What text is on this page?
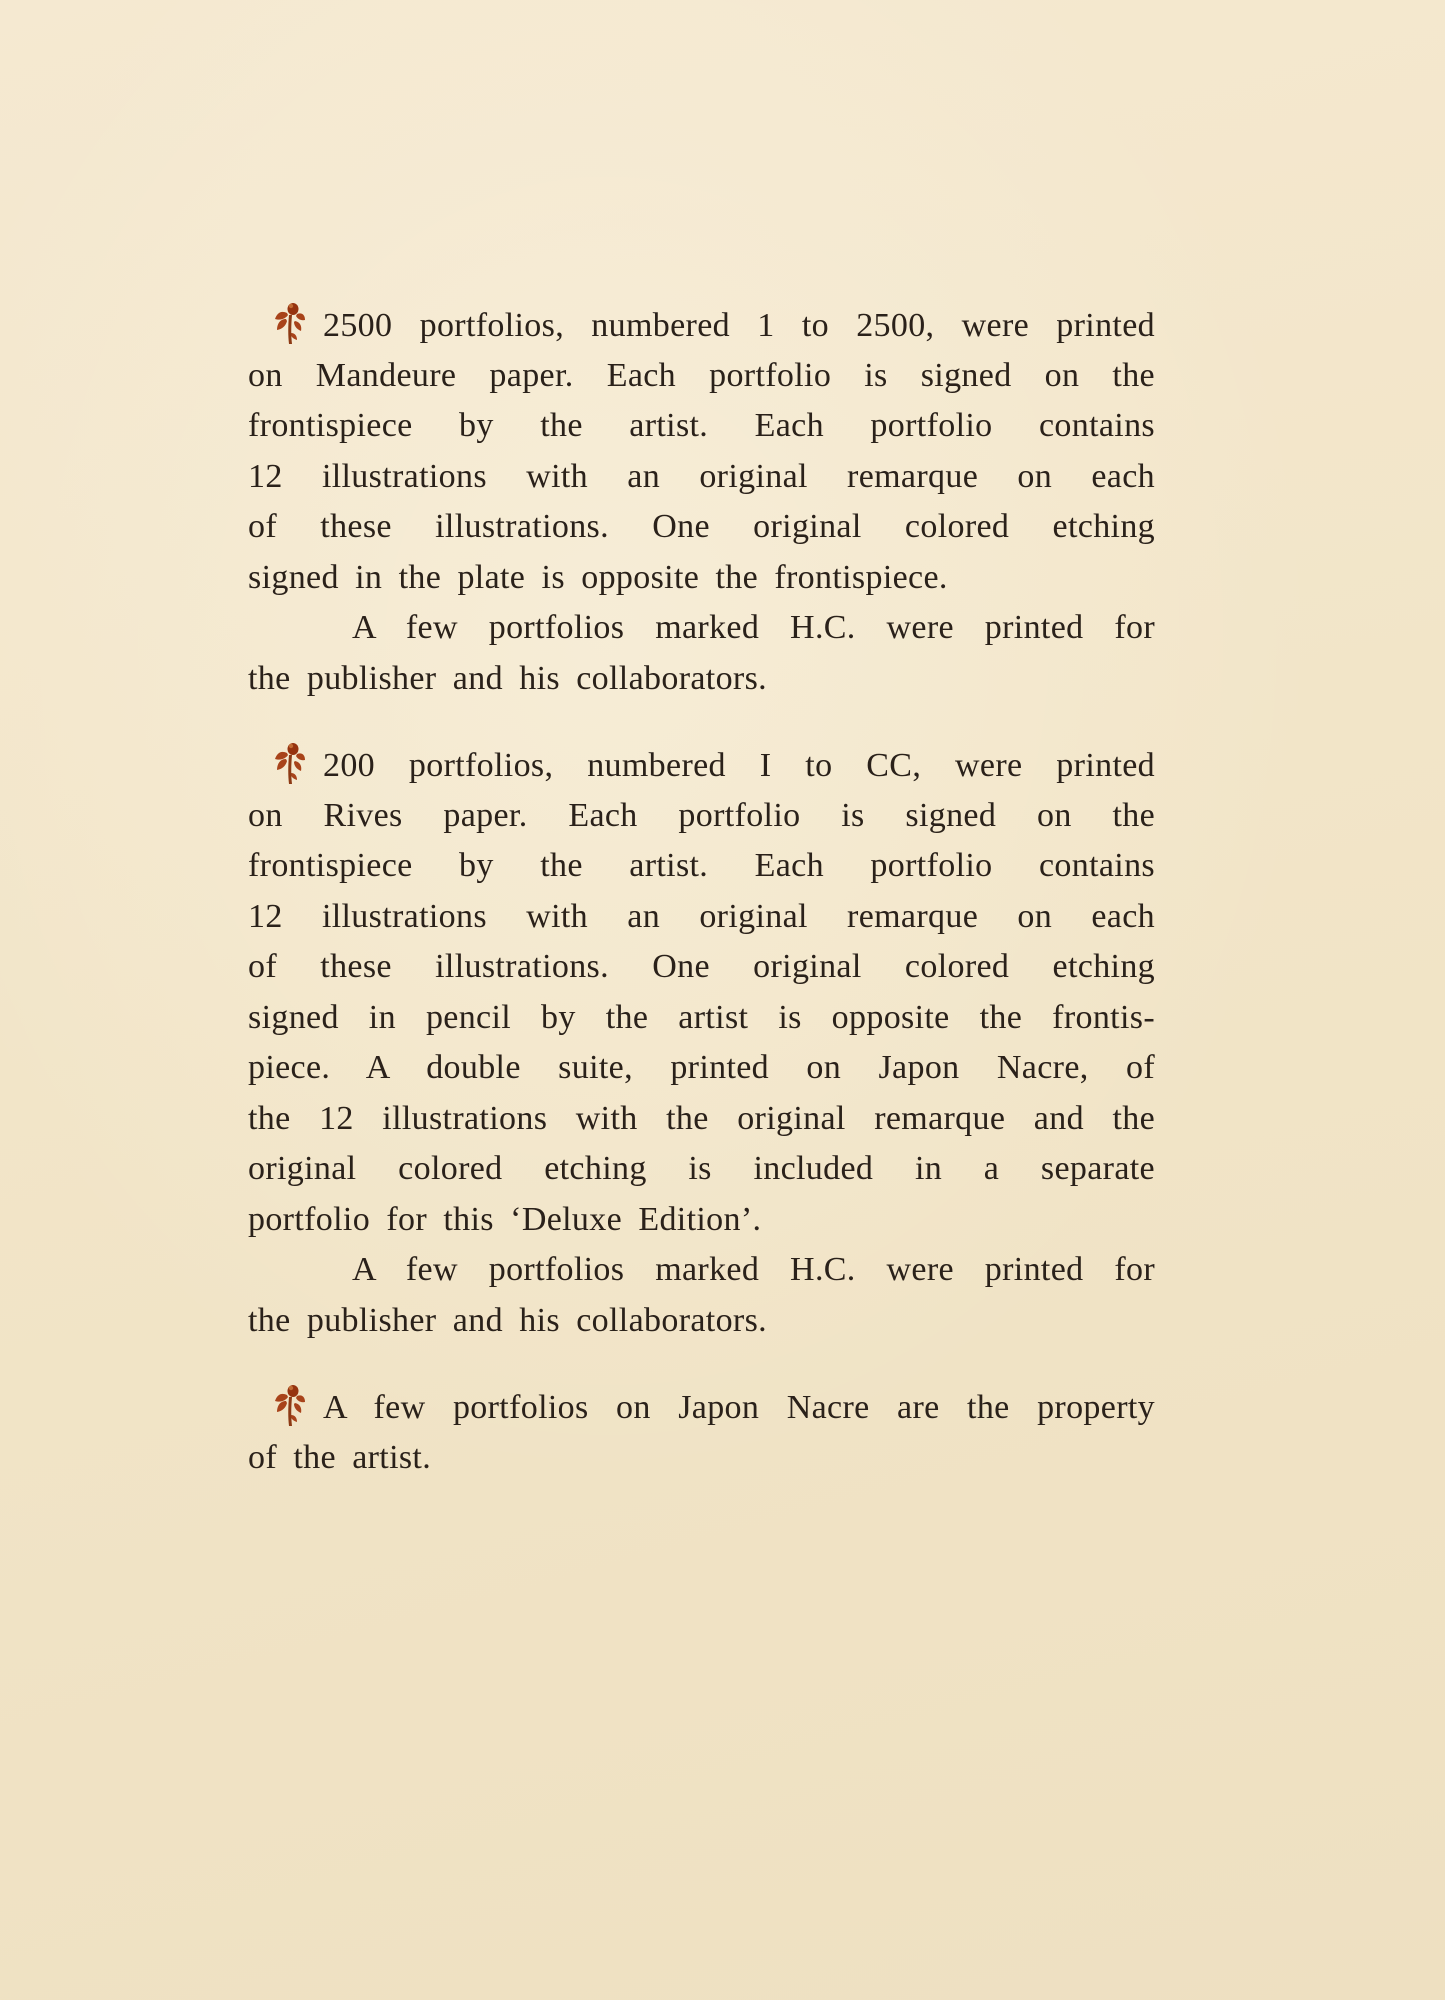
2500 portfolios, numbered 1 to 2500, were printed
on Mandeure paper. Each portfolio is signed on the
frontispiece by the artist. Each portfolio contains
12 illustrations with an original remarque on each
of these illustrations. One original colored etching
signed in the plate is opposite the frontispiece.
A few portfolios marked H.C. were printed for
the publisher and his collaborators.
200 portfolios, numbered I to CC, were printed
on Rives paper. Each portfolio is signed on the
frontispiece by the artist. Each portfolio contains
12 illustrations with an original remarque on each
of these illustrations. One original colored etching
signed in pencil by the artist is opposite the frontis-
piece. A double suite, printed on Japon Nacre, of
the 12 illustrations with the original remarque and the
original colored etching is included in a separate
portfolio for this ‘Deluxe Edition’.
A few portfolios marked H.C. were printed for
the publisher and his collaborators.
A few portfolios on Japon Nacre are the property
of the artist.
